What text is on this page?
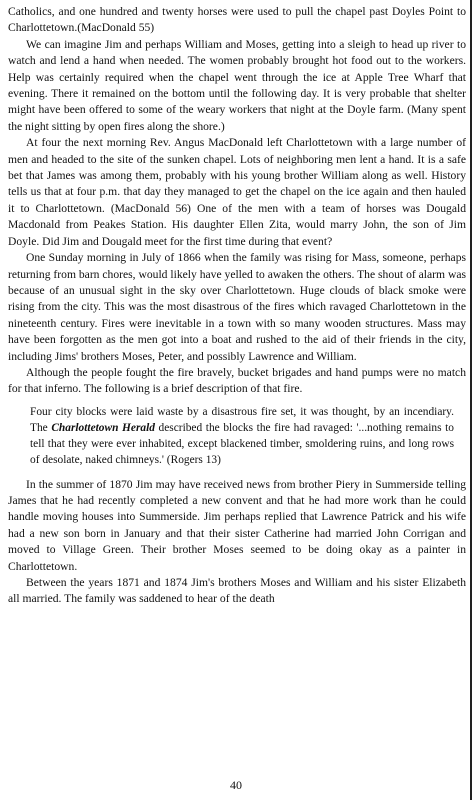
Catholics, and one hundred and twenty horses were used to pull the chapel past Doyles Point to Charlottetown.(MacDonald 55)

We can imagine Jim and perhaps William and Moses, getting into a sleigh to head up river to watch and lend a hand when needed. The women probably brought hot food out to the workers. Help was certainly required when the chapel went through the ice at Apple Tree Wharf that evening. There it remained on the bottom until the following day. It is very probable that shelter might have been offered to some of the weary workers that night at the Doyle farm. (Many spent the night sitting by open fires along the shore.)

At four the next morning Rev. Angus MacDonald left Charlottetown with a large number of men and headed to the site of the sunken chapel. Lots of neighboring men lent a hand. It is a safe bet that James was among them, probably with his young brother William along as well. History tells us that at four p.m. that day they managed to get the chapel on the ice again and then hauled it to Charlottetown. (MacDonald 56) One of the men with a team of horses was Dougald Macdonald from Peakes Station. His daughter Ellen Zita, would marry John, the son of Jim Doyle. Did Jim and Dougald meet for the first time during that event?

One Sunday morning in July of 1866 when the family was rising for Mass, someone, perhaps returning from barn chores, would likely have yelled to awaken the others. The shout of alarm was because of an unusual sight in the sky over Charlottetown. Huge clouds of black smoke were rising from the city. This was the most disastrous of the fires which ravaged Charlottetown in the nineteenth century. Fires were inevitable in a town with so many wooden structures. Mass may have been forgotten as the men got into a boat and rushed to the aid of their friends in the city, including Jims' brothers Moses, Peter, and possibly Lawrence and William.

Although the people fought the fire bravely, bucket brigades and hand pumps were no match for that inferno. The following is a brief description of that fire.

Four city blocks were laid waste by a disastrous fire set, it was thought, by an incendiary. The Charlottetown Herald described the blocks the fire had ravaged: '...nothing remains to tell that they were ever inhabited, except blackened timber, smoldering ruins, and long rows of desolate, naked chimneys.' (Rogers 13)

In the summer of 1870 Jim may have received news from brother Piery in Summerside telling James that he had recently completed a new convent and that he had more work than he could handle moving houses into Summerside. Jim perhaps replied that Lawrence Patrick and his wife had a new son born in January and that their sister Catherine had married John Corrigan and moved to Village Green. Their brother Moses seemed to be doing okay as a painter in Charlottetown.

Between the years 1871 and 1874 Jim's brothers Moses and William and his sister Elizabeth all married. The family was saddened to hear of the death

40
